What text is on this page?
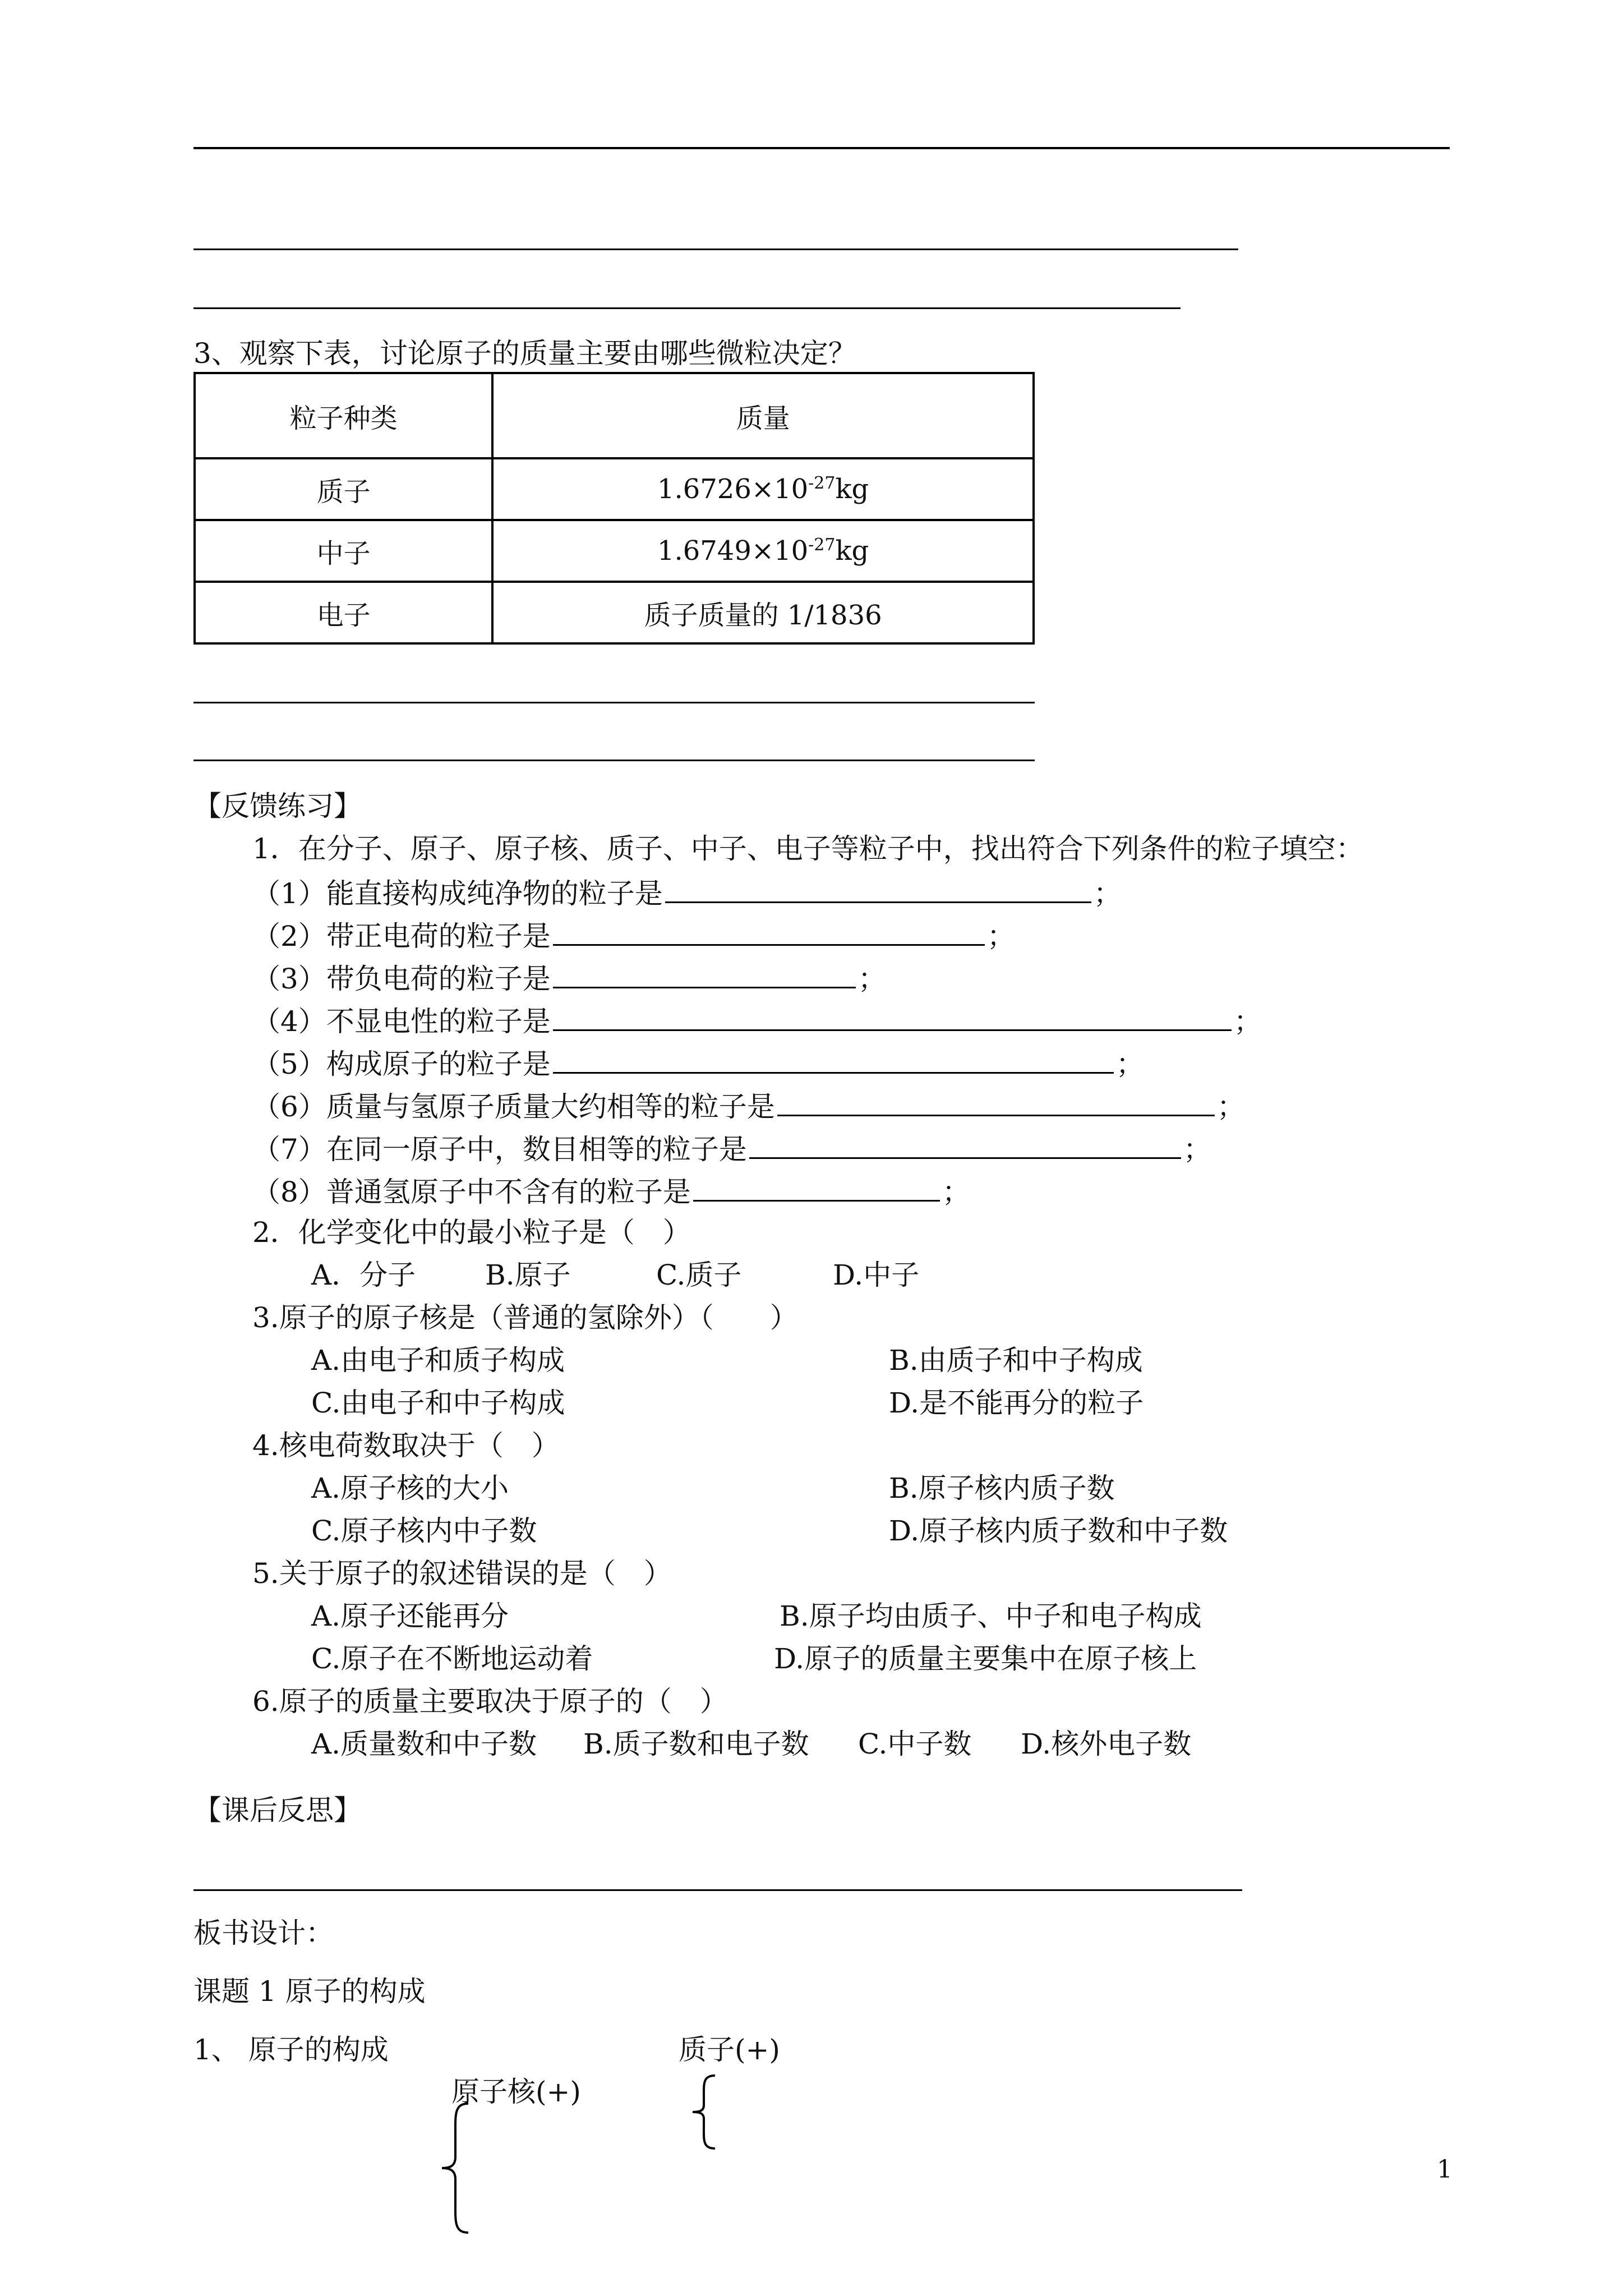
3、观察下表，讨论原子的质量主要由哪些微粒决定？
粒子种类	质量
质子	$1.6726\times 10^{-27}kg$
中子	$1.6749\times 10^{-27}kg$
电子	质子质量的 1/1836
【反馈练习】
1．在分子、原子、原子核、质子、中子、电子等粒子中，找出符合下列条件的粒子填空：
（1）能直接构成纯净物的粒子是	；
（2）带正电荷的粒子是	；
（3）带负电荷的粒子是	；
（4）不显电性的粒子是	；
（5）构成原子的粒子是	；
（6）质量与氢原子质量大约相等的粒子是	；
（7）在同一原子中，数目相等的粒子是	；
（8）普通氢原子中不含有的粒子是	；
2．化学变化中的最小粒子是（　）
A．分子 B.原子	C.质子	D.中子
3.原子的原子核是（普通的氢除外）（　　）
A.由电子和质子构成	B.由质子和中子构成
C.由电子和中子构成	D.是不能再分的粒子
4.核电荷数取决于（　）
A.原子核的大小	B.原子核内质子数
C.原子核内中子数	D.原子核内质子数和中子数
5.关于原子的叙述错误的是（　）
A.原子还能再分	B.原子均由质子、中子和电子构成
C.原子在不断地运动着	D.原子的质量主要集中在原子核上
6.原子的质量主要取决于原子的（　）
A.质量数和中子数 B.质子数和电子数 C.中子数 D.核外电子数
【课后反思】
板书设计：
课题 1 原子的构成
1、 原子的构成	质子(+)
原子核(+)
1
